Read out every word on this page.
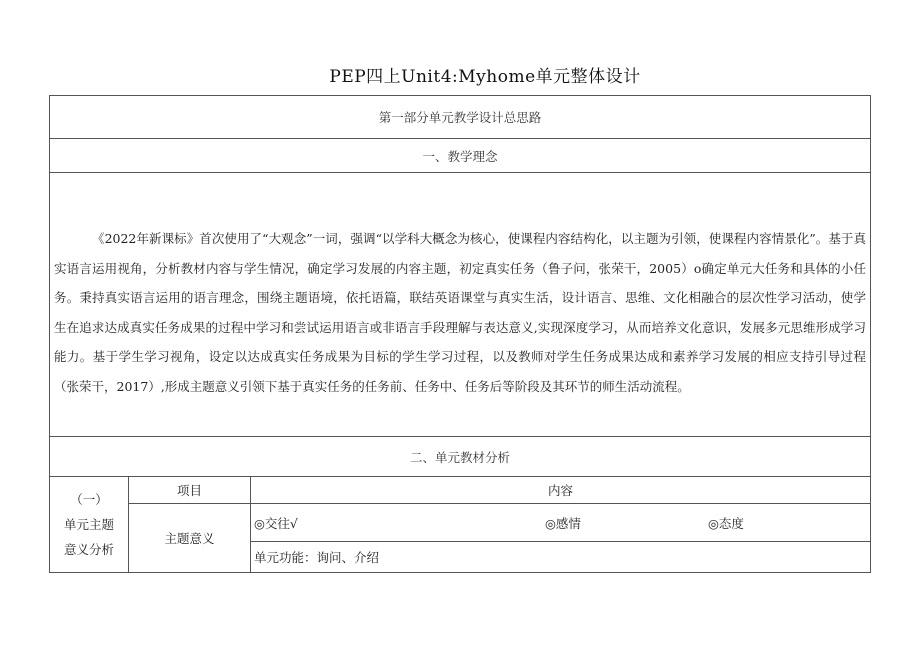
PEP四上Unit4:Myhome单元整体设计
第一部分单元教学设计总思路		
一、教学理念		

《2022年新课标》首次使用了“大观念”一词，强调“以学科大概念为核心，使课程内容结构化，以主题为引领，使课程内容情景化”。基于真实语言运用视角，分析教材内容与学生情况，确定学习发展的内容主题，初定真实任务（鲁子问，张荣干，2005）o确定单元大任务和具体的小任务。秉持真实语言运用的语言理念，围绕主题语境，依托语篇，联结英语课堂与真实生活，设计语言、思维、文化相融合的层次性学习活动，使学生在追求达成真实任务成果的过程中学习和尝试运用语言或非语言手段理解与表达意义,实现深度学习，从而培养文化意识，发展多元思维形成学习能力。基于学生学习视角，设定以达成真实任务成果为目标的学生学习过程，以及教师对学生任务成果达成和素养学习发展的相应支持引导过程（张荣干，2017）,形成主题意义引领下基于真实任务的任务前、任务中、任务后等阶段及其环节的师生活动流程。		

二、单元教材分析		

（一）
单元主题
意义分析	项目	内容
	主题意义	◎交往√ ◎感情 ◎态度

		单元功能：询问、介绍
